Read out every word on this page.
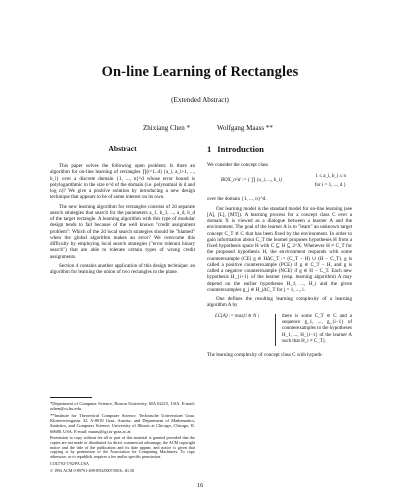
On-line Learning of Rectangles
(Extended Abstract)
Zhixiang Chen *	Wolfgang Maass **
Abstract

This paper solves the following open problem: Is there an algorithm for on-line learning of rectangles ∏(i=1..d) {a_i, a_i+1, ..., b_i} over a discrete domain {1, ..., n}^d whose error bound is polylogarithmic in the size n^d of the domain (i.e. polynomial in d and log n)? We give a positive solution by introducing a new design technique that appears to be of some interest on its own.

The new learning algorithm for rectangles consists of 2d separate search strategies that search for the parameters a_1, b_1, ..., a_d, b_d of the target rectangle. A learning algorithm with this type of modular design tends to fail because of the well known "credit assignment problem": Which of the 2d local search strategies should be "blamed" when the global algorithm makes an error? We overcome this difficulty by employing local search strategies ("error tolerant binary search") that are able to tolerate certain types of wrong credit assignments.

Section 4 contains another application of this design technique: an algorithm for learning the union of two rectangles in the plane.

*Department of Computer Science, Boston University, MA 02215, USA. E-mail: zchen@cs.bu.edu.

**Institute for Theoretical Computer Science, Technische Universitaet Graz, Klosterwiesgasse 32, A-8010 Graz, Austria; and Department of Mathematics, Statistics, and Computer Science, University of Illinois at Chicago, Chicago, IL 60680, USA. E-mail: maass@igi.tu-graz.ac.at

Permission to copy without fee all or part of this material is granted provided that the copies are not made or distributed for direct commercial advantage, the ACM copyright notice and the title of the publication and its date appear, and notice is given that copying is by permission of the Association for Computing Machinery. To copy otherwise, or to republish, requires a fee and/or specific permission.

COLT'92-7/92/PA,USA

© 1992 ACM 0-89791-498-8/92/0007/0016...$1.50

1 Introduction

We consider the concept class

BOX_n^d := { ∏ {a_i, ..., b_i}
1 ≤ a_i, b_i ≤ n
for i = 1, ..., d }

over the domain {1, ..., n}^d.

Our learning model is the standard model for on-line learning (see [A], [L], [MT]). A learning process for a concept class C over a domain X is viewed as a dialogue between a learner A and the environment. The goal of the learner A is to "learn" an unknown target concept C_T ∈ C that has been fixed by the environment. In order to gain information about C_T the learner proposes hypotheses H from a fixed hypothesis space H with C ⊆ H ⊆ 2^X. Whenever H ≠ C_T for the proposed hypothesis H, the environment responds with some counterexample (CE) g ∈ HΔC_T := (C_T − H) ∪ (H − C_T). g is called a positive counterexample (PCE) if g ∈ C_T − H, and g is called a negative counterexample (NCE) if g ∈ H − C_T. Each new hypothesis H_{i+1} of the learner (resp. learning algorithm) A may depend on the earlier hypotheses H_1, ..., H_i and the given counterexamples g_j ∈ H_jΔC_T for j = 1, ..., i.

One defines the resulting learning complexity of a learning algorithm A by

LC(A) := max{i ∈ N |	there is some C_T ∈ C and a sequence g_1, ..., g_{i−1} of counterexamples to the hypotheses H_1, ..., H_{i−1} of the learner A such that H_i ≠ C_T}.

The learning complexity of concept class C with hypoth-

16
